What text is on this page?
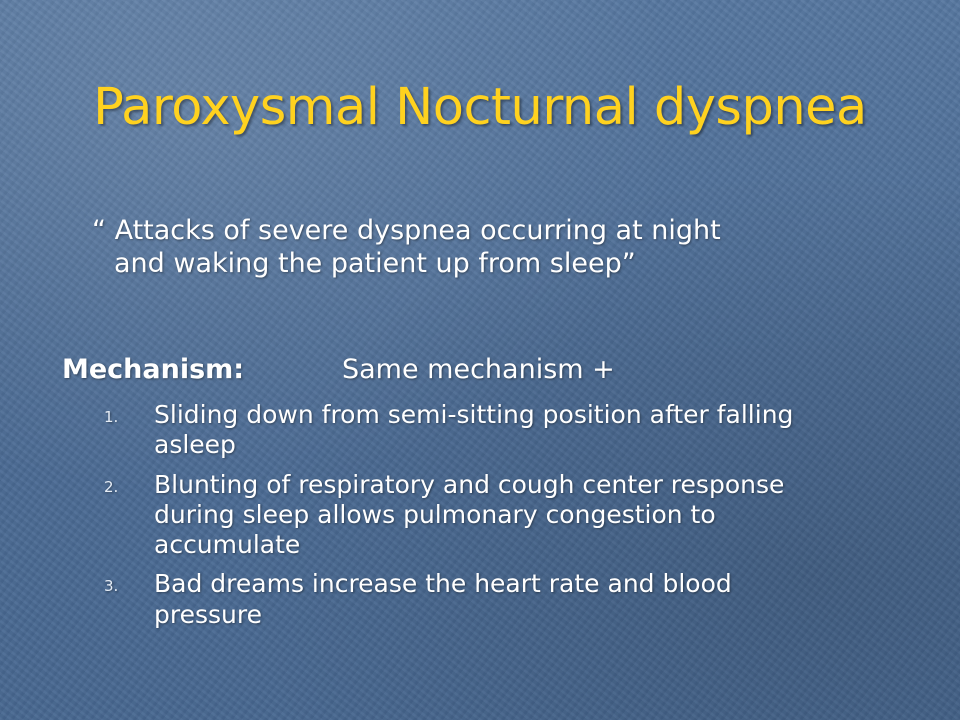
Paroxysmal Nocturnal dyspnea
“ Attacks of severe dyspnea occurring at night
and waking the patient up from sleep”
Mechanism:	Same mechanism +
1. Sliding down from semi-sitting position after falling
asleep
2. Blunting of respiratory and cough center response
during sleep allows pulmonary congestion to
accumulate
3. Bad dreams increase the heart rate and blood
pressure
